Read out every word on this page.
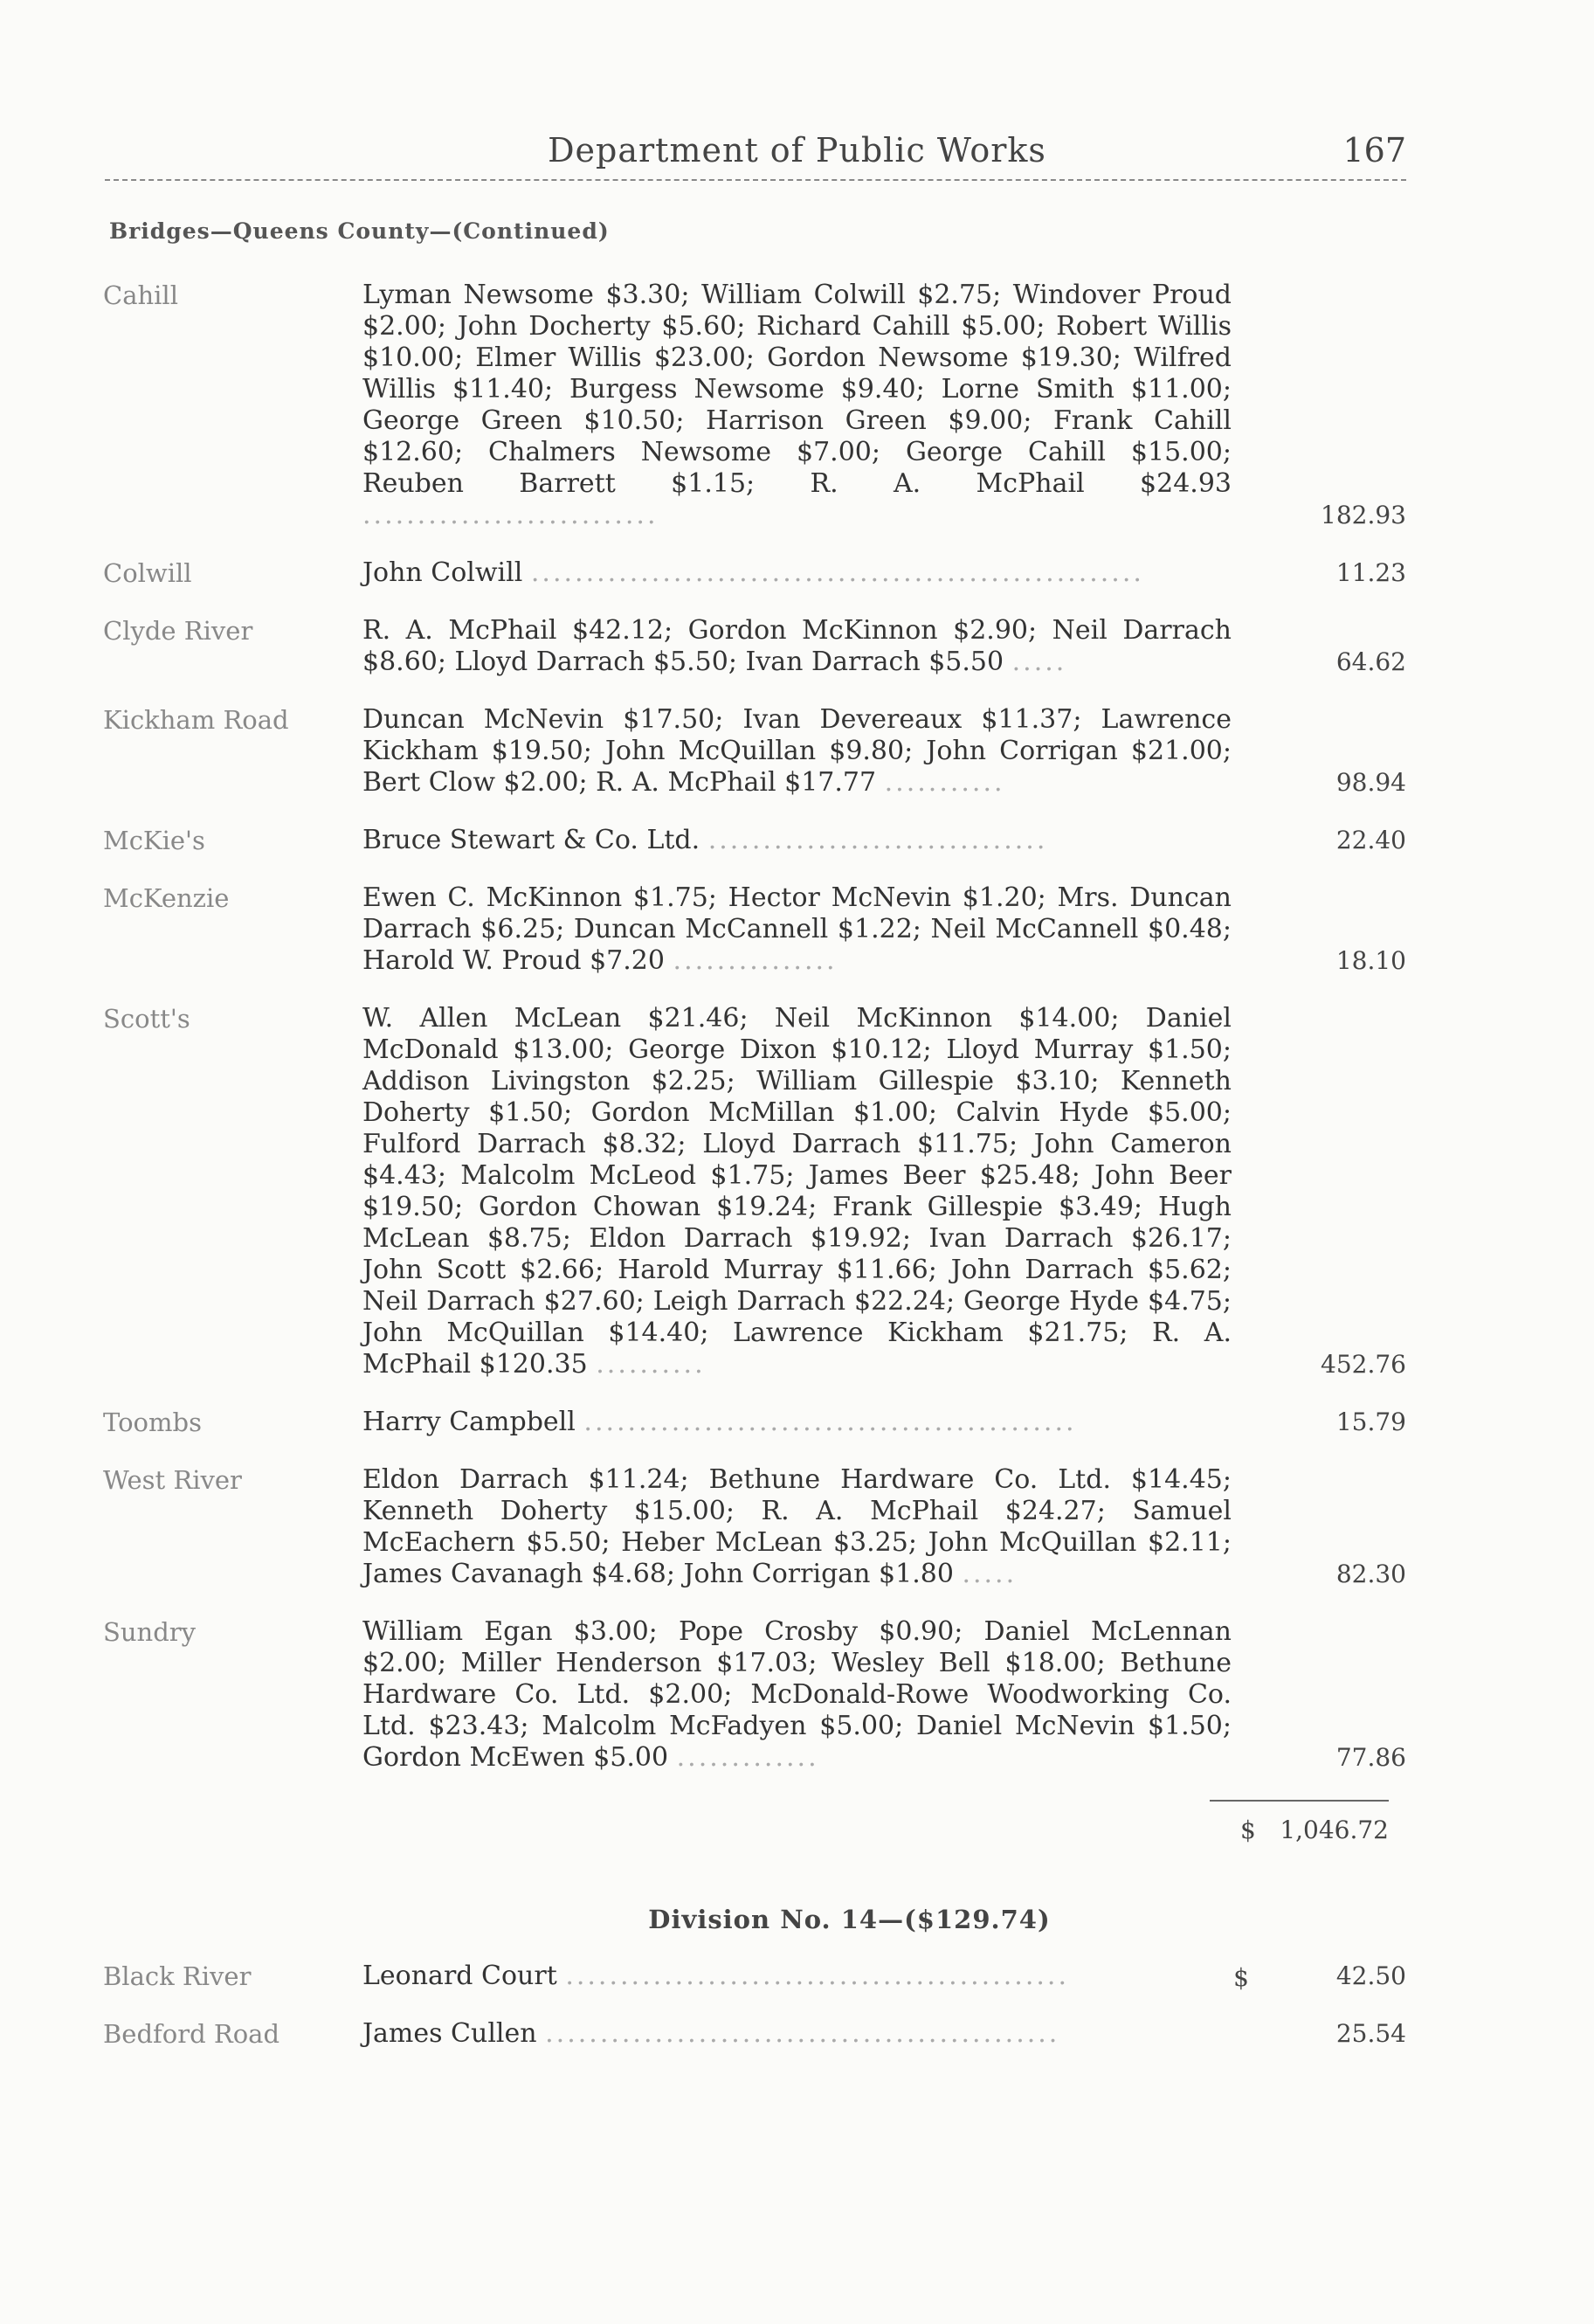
Department of Public Works	167
Bridges—Queens County—(Continued)
Cahill	Lyman Newsome $3.30; William Colwill $2.75; Windover Proud $2.00; John Docherty $5.60; Richard Cahill $5.00; Robert Willis $10.00; Elmer Willis $23.00; Gordon Newsome $19.30; Wilfred Willis $11.40; Burgess Newsome $9.40; Lorne Smith $11.00; George Green $10.50; Harrison Green $9.00; Frank Cahill $12.60; Chalmers Newsome $7.00; George Cahill $15.00; Reuben Barrett $1.15; R. A. McPhail $24.93 ...........................	182.93
Colwill	John Colwill ........................................................	11.23
Clyde River	R. A. McPhail $42.12; Gordon McKinnon $2.90; Neil Darrach $8.60; Lloyd Darrach $5.50; Ivan Darrach $5.50 .....	64.62
Kickham Road	Duncan McNevin $17.50; Ivan Devereaux $11.37; Lawrence Kickham $19.50; John McQuillan $9.80; John Corrigan $21.00; Bert Clow $2.00; R. A. McPhail $17.77 ...........	98.94
McKie's	Bruce Stewart & Co. Ltd. ...............................	22.40
McKenzie	Ewen C. McKinnon $1.75; Hector McNevin $1.20; Mrs. Duncan Darrach $6.25; Duncan McCannell $1.22; Neil McCannell $0.48; Harold W. Proud $7.20 ...............	18.10
Scott's	W. Allen McLean $21.46; Neil McKinnon $14.00; Daniel McDonald $13.00; George Dixon $10.12; Lloyd Murray $1.50; Addison Livingston $2.25; William Gillespie $3.10; Kenneth Doherty $1.50; Gordon McMillan $1.00; Calvin Hyde $5.00; Fulford Darrach $8.32; Lloyd Darrach $11.75; John Cameron $4.43; Malcolm McLeod $1.75; James Beer $25.48; John Beer $19.50; Gordon Chowan $19.24; Frank Gillespie $3.49; Hugh McLean $8.75; Eldon Darrach $19.92; Ivan Darrach $26.17; John Scott $2.66; Harold Murray $11.66; John Darrach $5.62; Neil Darrach $27.60; Leigh Darrach $22.24; George Hyde $4.75; John McQuillan $14.40; Lawrence Kickham $21.75; R. A. McPhail $120.35 ..........	452.76
Toombs	Harry Campbell .............................................	15.79
West River	Eldon Darrach $11.24; Bethune Hardware Co. Ltd. $14.45; Kenneth Doherty $15.00; R. A. McPhail $24.27; Samuel McEachern $5.50; Heber McLean $3.25; John McQuillan $2.11; James Cavanagh $4.68; John Corrigan $1.80 .....	82.30
Sundry	William Egan $3.00; Pope Crosby $0.90; Daniel McLennan $2.00; Miller Henderson $17.03; Wesley Bell $18.00; Bethune Hardware Co. Ltd. $2.00; McDonald-Rowe Woodworking Co. Ltd. $23.43; Malcolm McFadyen $5.00; Daniel McNevin $1.50; Gordon McEwen $5.00 .............	77.86
$ 1,046.72
Division No. 14—($129.74)
Black River	Leonard Court ..............................................	$	42.50
Bedford Road	James Cullen ...............................................	25.54
